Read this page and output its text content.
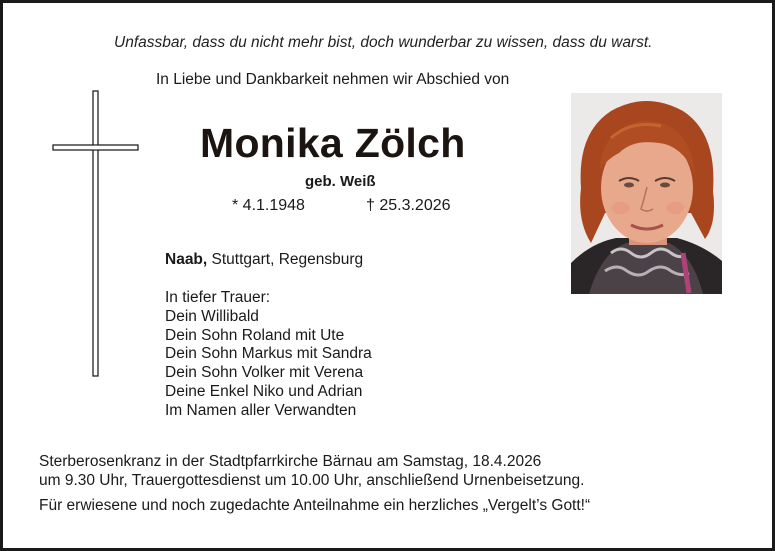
Unfassbar, dass du nicht mehr bist, doch wunderbar zu wissen, dass du warst.
In Liebe und Dankbarkeit nehmen wir Abschied von
Monika Zölch
geb. Weiß
* 4.1.1948	† 25.3.2026
Naab, Stuttgart, Regensburg
In tiefer Trauer:
Dein Willibald
Dein Sohn Roland mit Ute
Dein Sohn Markus mit Sandra
Dein Sohn Volker mit Verena
Deine Enkel Niko und Adrian
Im Namen aller Verwandten
Sterberosenkranz in der Stadtpfarrkirche Bärnau am Samstag, 18.4.2026
um 9.30 Uhr, Trauergottesdienst um 10.00 Uhr, anschließend Urnenbeisetzung.
Für erwiesene und noch zugedachte Anteilnahme ein herzliches „Vergelt’s Gott!“
